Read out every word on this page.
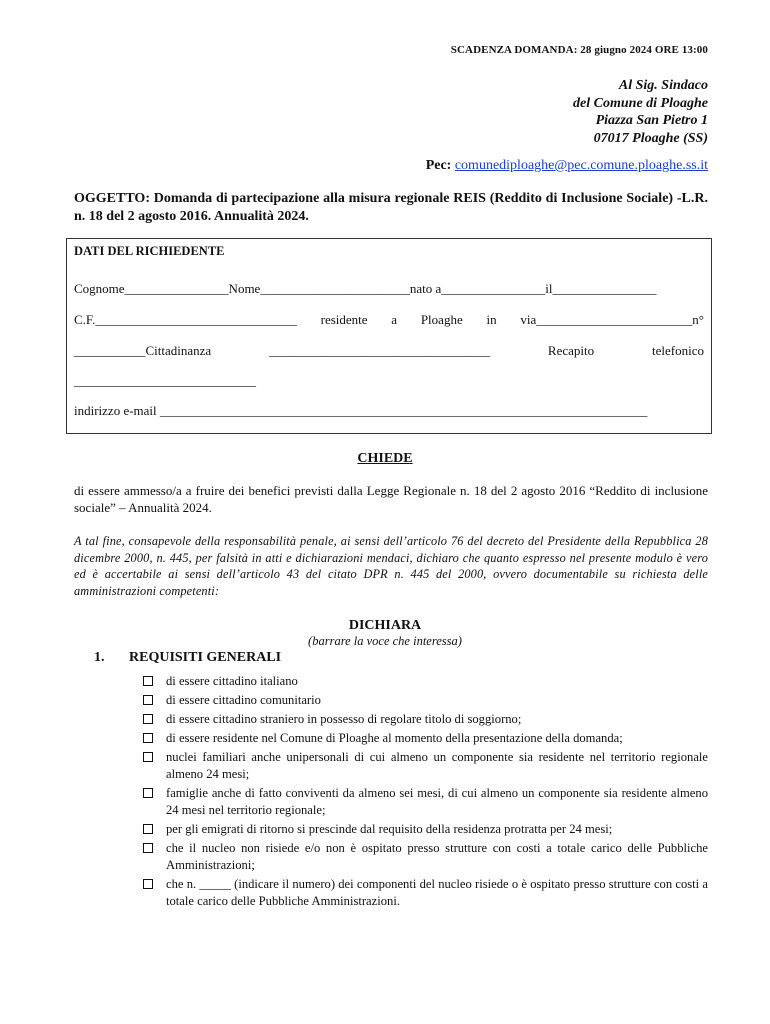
SCADENZA DOMANDA: 28 giugno 2024 ORE 13:00
Al Sig. Sindaco
del Comune di Ploaghe
Piazza San Pietro 1
07017 Ploaghe (SS)
Pec: comunediploaghe@pec.comune.ploaghe.ss.it
OGGETTO: Domanda di partecipazione alla misura regionale REIS (Reddito di Inclusione Sociale) -L.R. n. 18 del 2 agosto 2016. Annualità 2024.
DATI DEL RICHIEDENTE
Cognome________________Nome_______________________nato a________________il________________
C.F._______________________________ residente a Ploaghe in via________________________n°
___________Cittadinanza	__________________________________	Recapito	telefonico
____________________________
indirizzo e-mail ___________________________________________________________________________
CHIEDE
di essere ammesso/a a fruire dei benefici previsti dalla Legge Regionale n. 18 del 2 agosto 2016 “Reddito di inclusione sociale” – Annualità 2024.
A tal fine, consapevole della responsabilità penale, ai sensi dell’articolo 76 del decreto del Presidente della Repubblica 28 dicembre 2000, n. 445, per falsità in atti e dichiarazioni mendaci, dichiaro che quanto espresso nel presente modulo è vero ed è accertabile ai sensi dell’articolo 43 del citato DPR n. 445 del 2000, ovvero documentabile su richiesta delle amministrazioni competenti:
DICHIARA
(barrare la voce che interessa)
1. REQUISITI GENERALI
di essere cittadino italiano
di essere cittadino comunitario
di essere cittadino straniero in possesso di regolare titolo di soggiorno;
di essere residente nel Comune di Ploaghe al momento della presentazione della domanda;
nuclei familiari anche unipersonali di cui almeno un componente sia residente nel territorio regionale almeno 24 mesi;
famiglie anche di fatto conviventi da almeno sei mesi, di cui almeno un componente sia residente almeno 24 mesi nel territorio regionale;
per gli emigrati di ritorno si prescinde dal requisito della residenza protratta per 24 mesi;
che il nucleo non risiede e/o non è ospitato presso strutture con costi a totale carico delle Pubbliche Amministrazioni;
che n. _____ (indicare il numero) dei componenti del nucleo risiede o è ospitato presso strutture con costi a totale carico delle Pubbliche Amministrazioni.
